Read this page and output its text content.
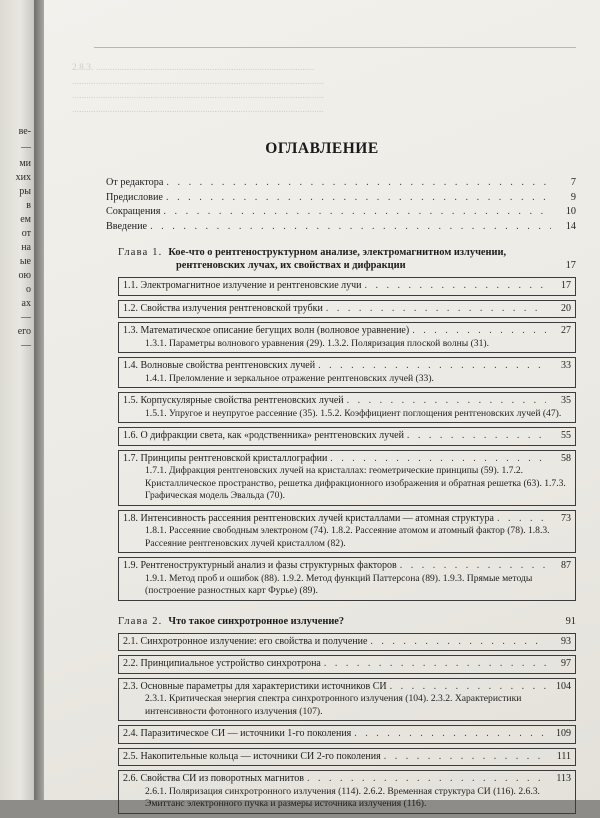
ве-
—
ми
хих
ры
в
ем
от
на
ые
ою
о
ах
—
его
—
2.8.3. ............................................................................................
..........................................................................................................
..........................................................................................................
..........................................................................................................
ОГЛАВЛЕНИЕ
От редактора . . .	7
Предисловие . . .	9
Сокращения . . .	10
Введение . . .	14
Глава 1. Кое-что о рентгеноструктурном анализе, электромагнитном излучении,
рентгеновских лучах, их свойствах и дифракции	17
1.1. Электромагнитное излучение и рентгеновские лучи . . .	17
1.2. Свойства излучения рентгеновской трубки . . .	20
1.3. Математическое описание бегущих волн (волновое уравнение) . . .	27
1.3.1. Параметры волнового уравнения (29). 1.3.2. Поляризация плоской волны (31).
1.4. Волновые свойства рентгеновских лучей . . .	33
1.4.1. Преломление и зеркальное отражение рентгеновских лучей (33).
1.5. Корпускулярные свойства рентгеновских лучей . . .	35
1.5.1. Упругое и неупругое рассеяние (35). 1.5.2. Коэффициент поглощения рентгеновских лучей (47).
1.6. О дифракции света, как «родственника» рентгеновских лучей . . .	55
1.7. Принципы рентгеновской кристаллографии . . .	58
1.7.1. Дифракция рентгеновских лучей на кристаллах: геометрические принципы (59). 1.7.2. Кристаллическое пространство, решетка дифракционного изображения и обратная решетка (63). 1.7.3. Графическая модель Эвальда (70).
1.8. Интенсивность рассеяния рентгеновских лучей кристаллами — атомная структура . . .	73
1.8.1. Рассеяние свободным электроном (74). 1.8.2. Рассеяние атомом и атомный фактор (78). 1.8.3. Рассеяние рентгеновских лучей кристаллом (82).
1.9. Рентгеноструктурный анализ и фазы структурных факторов . . .	87
1.9.1. Метод проб и ошибок (88). 1.9.2. Метод функций Паттерсона (89). 1.9.3. Прямые методы (построение разностных карт Фурье) (89).
Глава 2. Что такое синхротронное излучение?	91
2.1. Синхротронное излучение: его свойства и получение . . .	93
2.2. Принципиальное устройство синхротрона . . .	97
2.3. Основные параметры для характеристики источников СИ . . .	104
2.3.1. Критическая энергия спектра синхротронного излучения (104). 2.3.2. Характеристики интенсивности фотонного излучения (107).
2.4. Паразитическое СИ — источники 1-го поколения . . .	109
2.5. Накопительные кольца — источники СИ 2-го поколения . . .	111
2.6. Свойства СИ из поворотных магнитов . . .	113
2.6.1. Поляризация синхротронного излучения (114). 2.6.2. Временная структура СИ (116). 2.6.3. Эмиттанс электронного пучка и размеры источника излучения (116).
